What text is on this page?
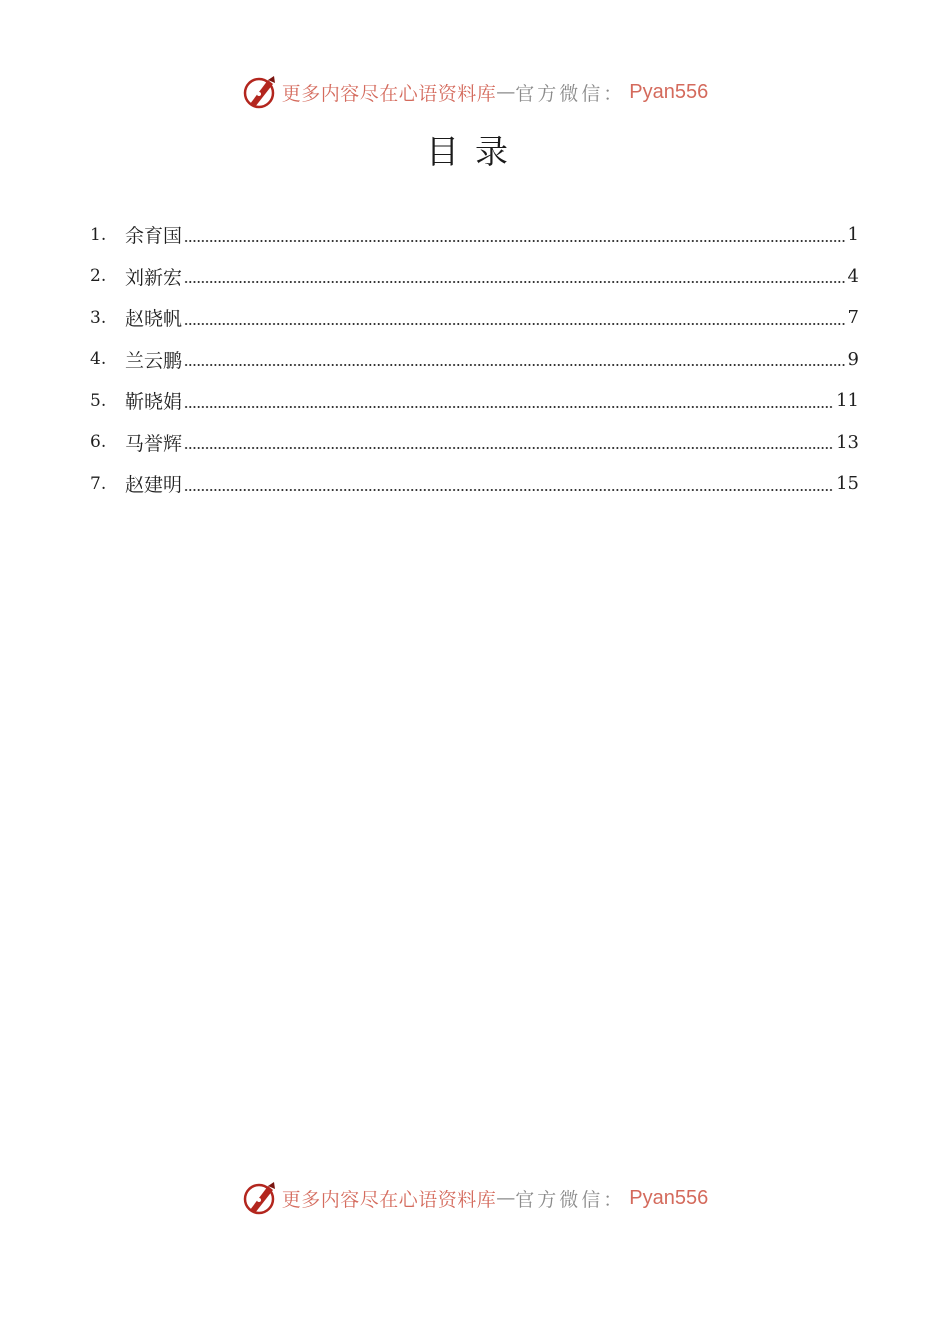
更多内容尽在心语资料库 — 官方微信： Pyan556
目录
1. 余育国	1
2. 刘新宏	4
3. 赵晓帆	7
4. 兰云鹏	9
5. 靳晓娟	11
6. 马誉辉	13
7. 赵建明	15
更多内容尽在心语资料库 — 官方微信： Pyan556
